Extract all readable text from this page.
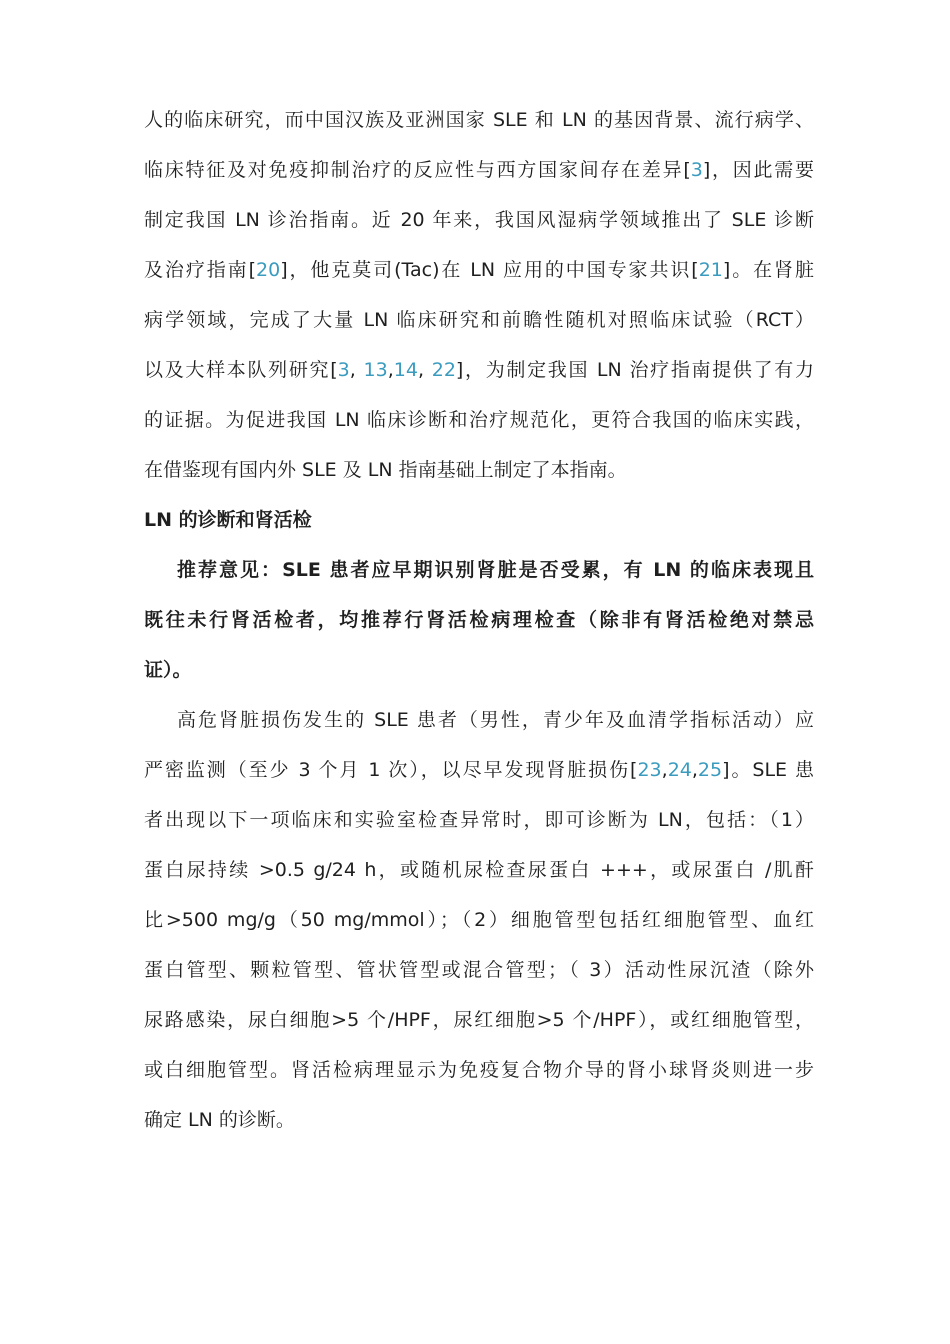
人的临床研究，而中国汉族及亚洲国家 SLE 和 LN 的基因背景、流行病学、
临床特征及对免疫抑制治疗的反应性与西方国家间存在差异[3]，因此需要
制定我国 LN 诊治指南。近 20 年来，我国风湿病学领域推出了 SLE 诊断
及治疗指南[20]，他克莫司(Tac)在 LN 应用的中国专家共识[21]。在肾脏
病学领域，完成了大量 LN 临床研究和前瞻性随机对照临床试验（RCT）
以及大样本队列研究[3, 13,14, 22]，为制定我国 LN 治疗指南提供了有力
的证据。为促进我国 LN 临床诊断和治疗规范化，更符合我国的临床实践，
在借鉴现有国内外 SLE 及 LN 指南基础上制定了本指南。
LN 的诊断和肾活检
推荐意见：SLE 患者应早期识别肾脏是否受累，有 LN 的临床表现且
既往未行肾活检者，均推荐行肾活检病理检查（除非有肾活检绝对禁忌
证）。
高危肾脏损伤发生的 SLE 患者（男性，青少年及血清学指标活动）应
严密监测（至少 3 个月 1 次），以尽早发现肾脏损伤[23,24,25]。SLE 患
者出现以下一项临床和实验室检查异常时，即可诊断为 LN，包括：（1）
蛋白尿持续 >0.5 g/24 h，或随机尿检查尿蛋白 +++，或尿蛋白 /肌酐
比>500 mg/g（50 mg/mmol）；（2）细胞管型包括红细胞管型、血红
蛋白管型、颗粒管型、管状管型或混合管型；（ 3）活动性尿沉渣（除外
尿路感染，尿白细胞>5 个/HPF，尿红细胞>5 个/HPF），或红细胞管型，
或白细胞管型。肾活检病理显示为免疫复合物介导的肾小球肾炎则进一步
确定 LN 的诊断。
